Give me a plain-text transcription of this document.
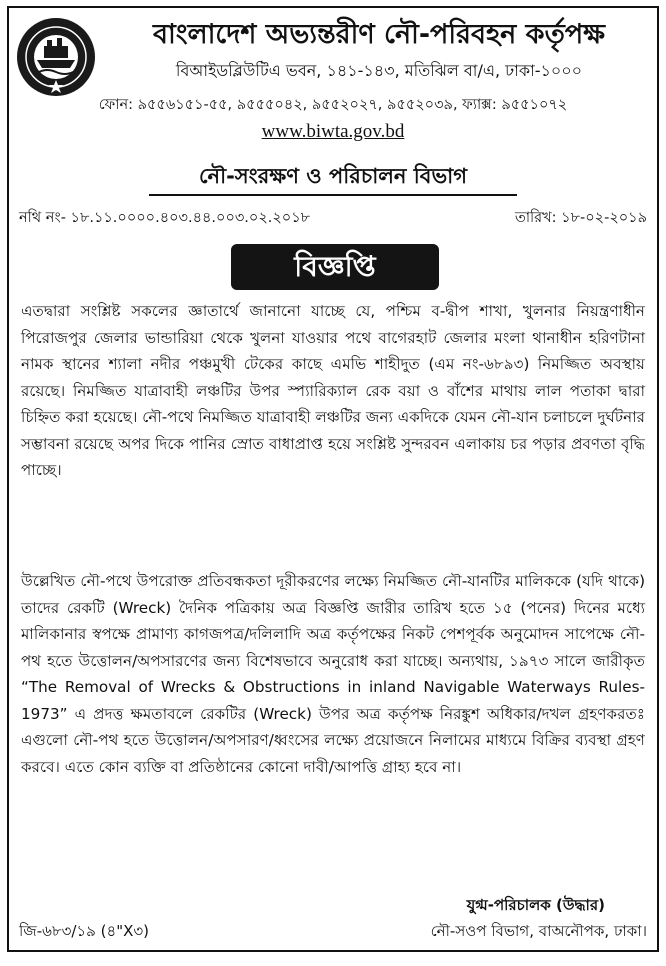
বাংলাদেশ অভ্যন্তরীণ নৌ-পরিবহন কর্তৃপক্ষ
বিআইডব্লিউটিএ ভবন, ১৪১-১৪৩, মতিঝিল বা/এ, ঢাকা-১০০০
ফোন: ৯৫৫৬১৫১-৫৫, ৯৫৫৫০৪২, ৯৫৫২০২৭, ৯৫৫২০৩৯, ফ্যাক্স: ৯৫৫১০৭২
www.biwta.gov.bd
নৌ-সংরক্ষণ ও পরিচালন বিভাগ
নথি নং- ১৮.১১.০০০০.৪০৩.৪৪.০০৩.০২.২০১৮	তারিখ: ১৮-০২-২০১৯
বিজ্ঞপ্তি
এতদ্বারা সংশ্লিষ্ট সকলের জ্ঞাতার্থে জানানো যাচ্ছে যে, পশ্চিম ব-দ্বীপ শাখা, খুলনার নিয়ন্ত্রণাধীন পিরোজপুর জেলার ভান্ডারিয়া থেকে খুলনা যাওয়ার পথে বাগেরহাট জেলার মংলা থানাধীন হরিণটানা নামক স্থানের শ্যালা নদীর পঞ্চমুখী টেকের কাছে এমভি শাহীদুত (এম নং-৬৮৯৩) নিমজ্জিত অবস্থায় রয়েছে। নিমজ্জিত যাত্রাবাহী লঞ্চটির উপর স্প্যারিক্যাল রেক বয়া ও বাঁশের মাথায় লাল পতাকা দ্বারা চিহ্নিত করা হয়েছে। নৌ-পথে নিমজ্জিত যাত্রাবাহী লঞ্চটির জন্য একদিকে যেমন নৌ-যান চলাচলে দুর্ঘটনার সম্ভাবনা রয়েছে অপর দিকে পানির স্রোত বাধাপ্রাপ্ত হয়ে সংশ্লিষ্ট সুন্দরবন এলাকায় চর পড়ার প্রবণতা বৃদ্ধি পাচ্ছে।
উল্লেখিত নৌ-পথে উপরোক্ত প্রতিবন্ধকতা দূরীকরণের লক্ষ্যে নিমজ্জিত নৌ-যানটির মালিককে (যদি থাকে) তাদের রেকটি (Wreck) দৈনিক পত্রিকায় অত্র বিজ্ঞপ্তি জারীর তারিখ হতে ১৫ (পনের) দিনের মধ্যে মালিকানার স্বপক্ষে প্রামাণ্য কাগজপত্র/দলিলাদি অত্র কর্তৃপক্ষের নিকট পেশপূর্বক অনুমোদন সাপেক্ষে নৌ-পথ হতে উত্তোলন/অপসারণের জন্য বিশেষভাবে অনুরোধ করা যাচ্ছে। অন্যথায়, ১৯৭৩ সালে জারীকৃত “The Removal of Wrecks & Obstructions in inland Navigable Waterways Rules-1973” এ প্রদত্ত ক্ষমতাবলে রেকটির (Wreck) উপর অত্র কর্তৃপক্ষ নিরঙ্কুশ অধিকার/দখল গ্রহণকরতঃ এগুলো নৌ-পথ হতে উত্তোলন/অপসারণ/ধ্বংসের লক্ষ্যে প্রয়োজনে নিলামের মাধ্যমে বিক্রির ব্যবস্থা গ্রহণ করবে। এতে কোন ব্যক্তি বা প্রতিষ্ঠানের কোনো দাবী/আপত্তি গ্রাহ্য হবে না।
যুগ্ম-পরিচালক (উদ্ধার)
জি-৬৮৩/১৯ (৪"X৩)	নৌ-সওপ বিভাগ, বাঅনৌপক, ঢাকা।
